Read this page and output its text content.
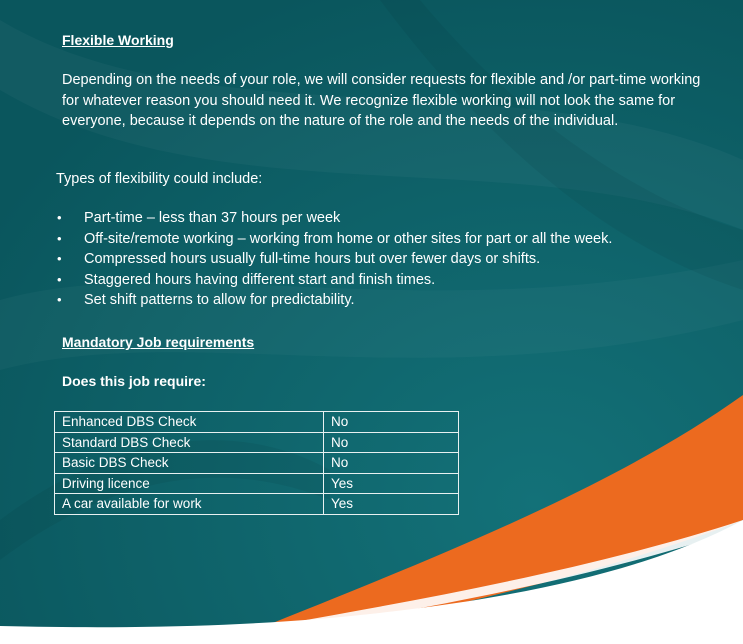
Flexible Working
Depending on the needs of your role, we will consider requests for flexible and /or part-time working for whatever reason you should need it. We recognize flexible working will not look the same for everyone, because it depends on the nature of the role and the needs of the individual.
Types of flexibility could include:
• Part-time – less than 37 hours per week
• Off-site/remote working – working from home or other sites for part or all the week.
• Compressed hours usually full-time hours but over fewer days or shifts.
• Staggered hours having different start and finish times.
• Set shift patterns to allow for predictability.
Mandatory Job requirements
Does this job require:
Enhanced DBS Check	No
Standard DBS Check	No
Basic DBS Check	No
Driving licence	Yes
A car available for work	Yes
